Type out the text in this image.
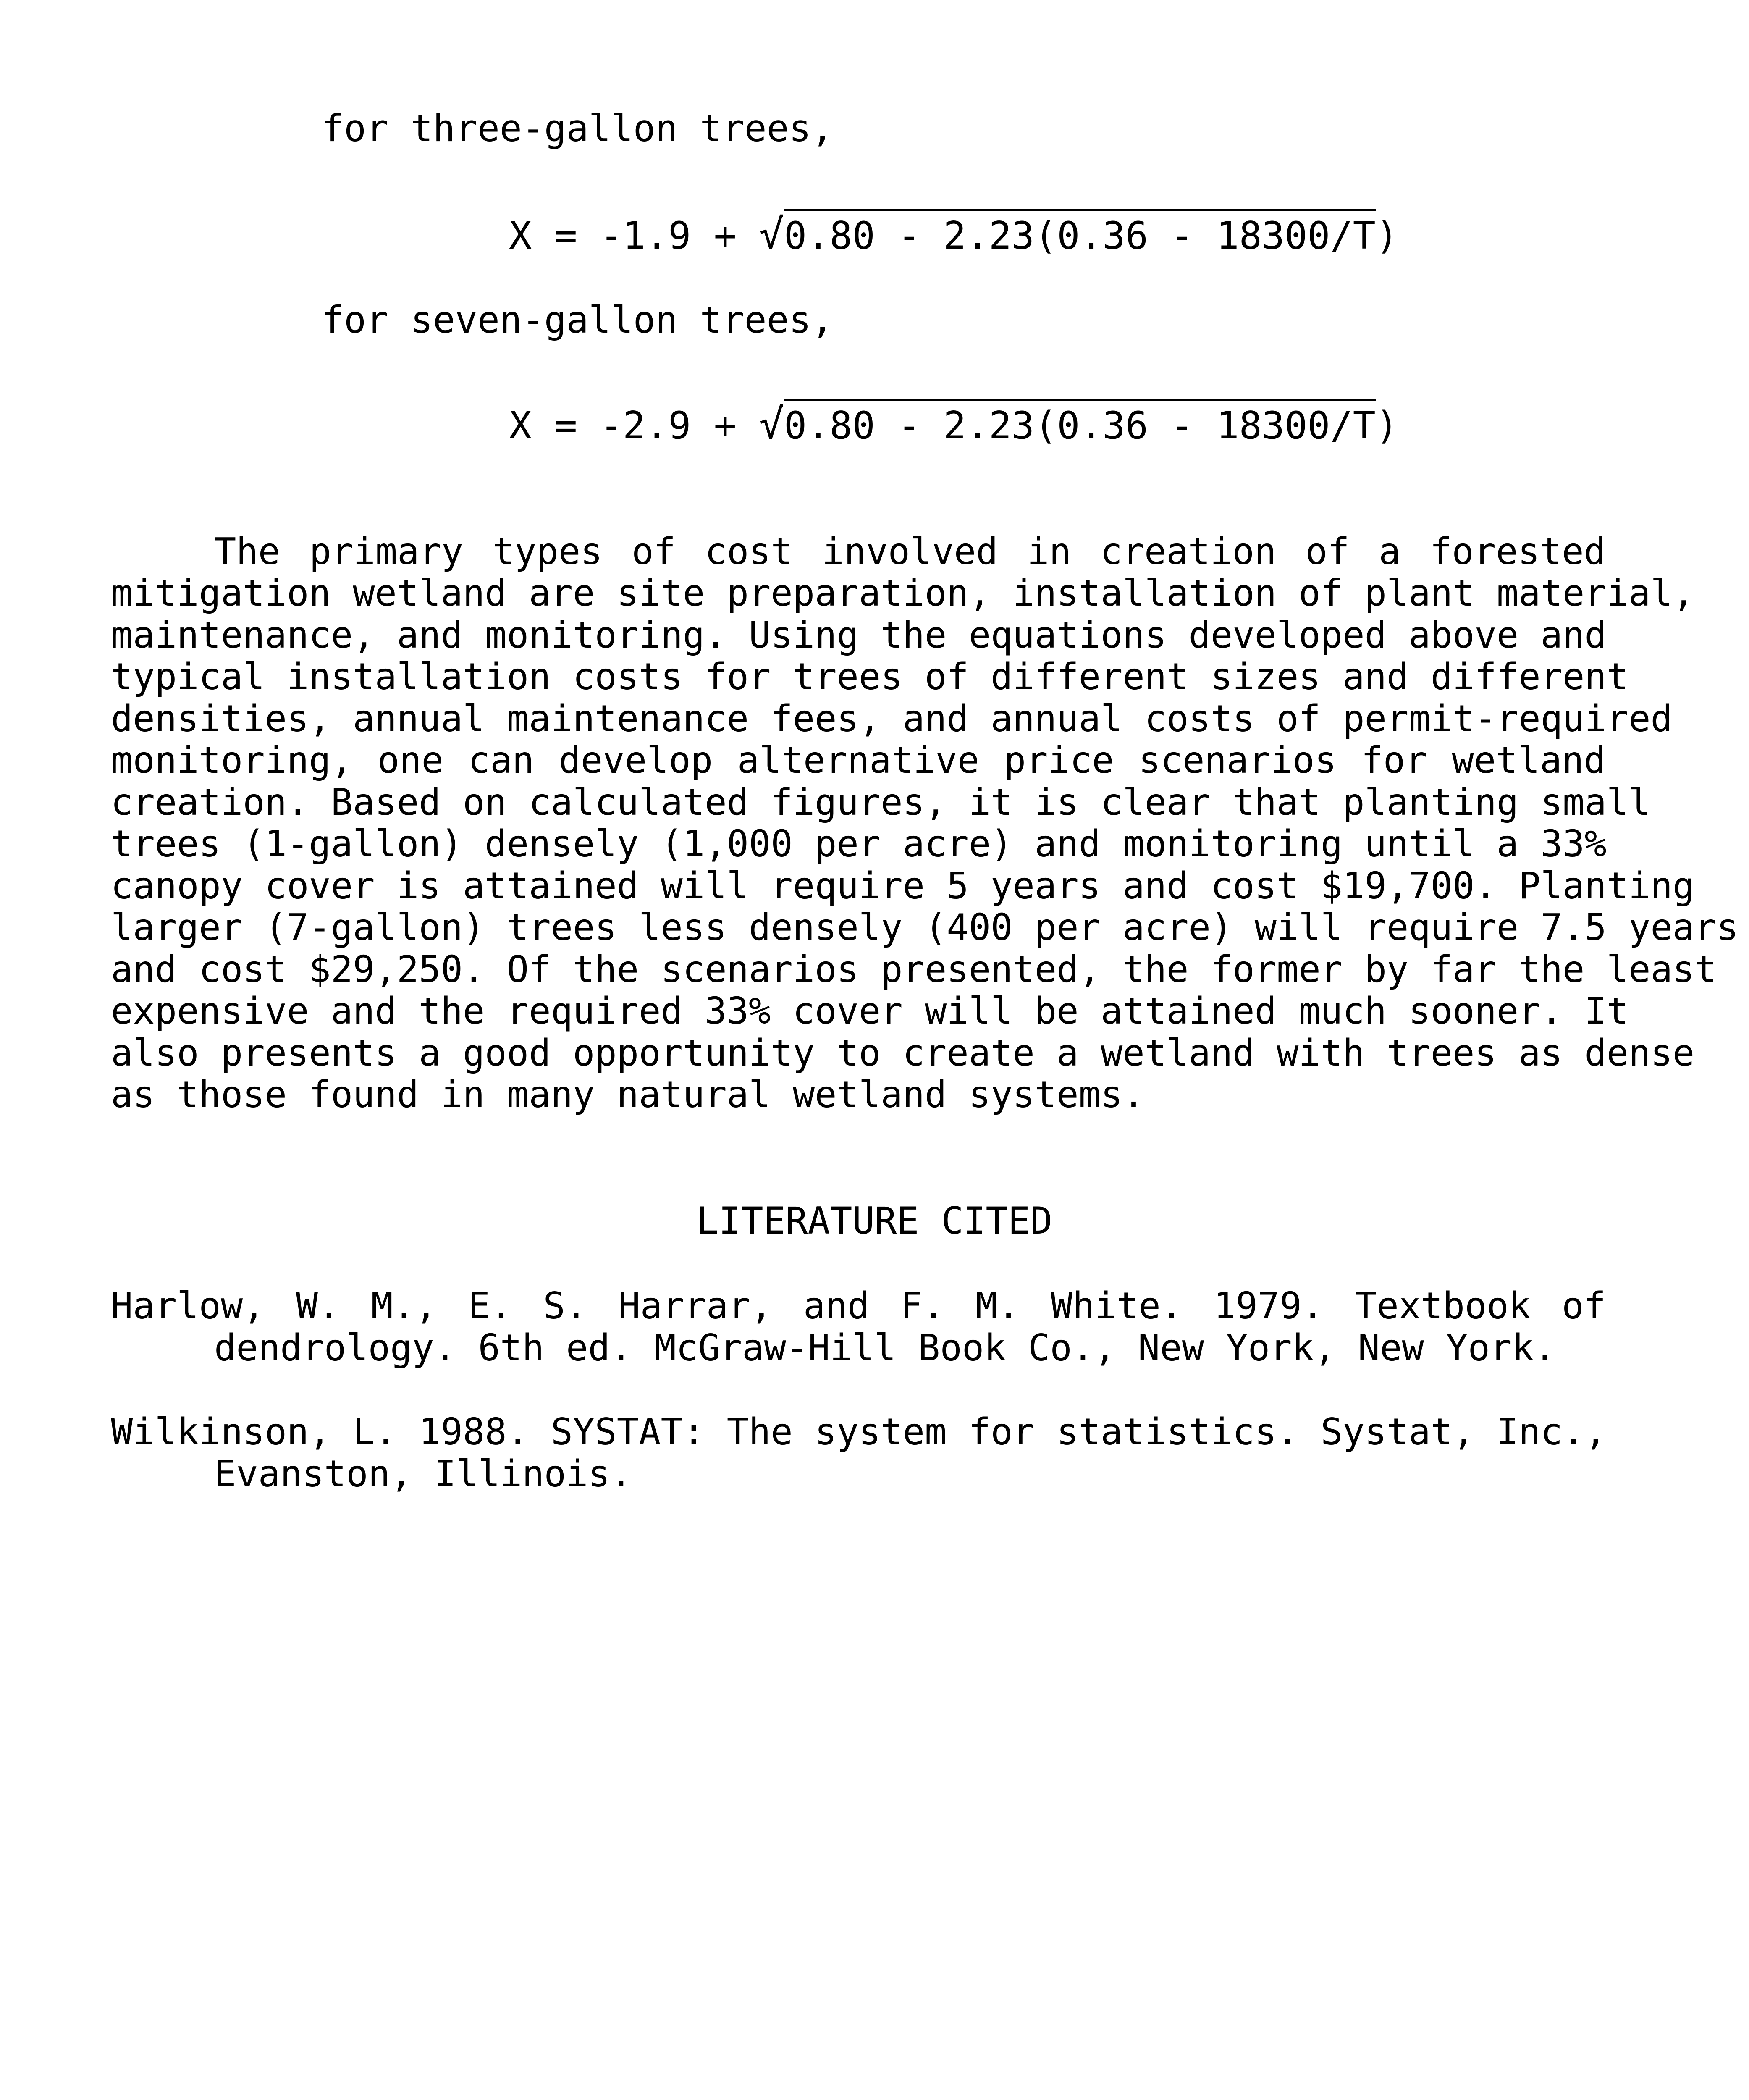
for three-gallon trees,
X = -1.9 + √0.80 - 2.23(0.36 - 18300/T)
for seven-gallon trees,
X = -2.9 + √0.80 - 2.23(0.36 - 18300/T)
The primary types of cost involved in creation of a forested
mitigation wetland are site preparation, installation of plant material,
maintenance, and monitoring. Using the equations developed above and
typical installation costs for trees of different sizes and different
densities, annual maintenance fees, and annual costs of permit-required
monitoring, one can develop alternative price scenarios for wetland
creation. Based on calculated figures, it is clear that planting small
trees (1-gallon) densely (1,000 per acre) and monitoring until a 33%
canopy cover is attained will require 5 years and cost $19,700. Planting
larger (7-gallon) trees less densely (400 per acre) will require 7.5 years
and cost $29,250. Of the scenarios presented, the former by far the least
expensive and the required 33% cover will be attained much sooner. It
also presents a good opportunity to create a wetland with trees as dense
as those found in many natural wetland systems.
LITERATURE CITED
Harlow, W. M., E. S. Harrar, and F. M. White. 1979. Textbook of
dendrology. 6th ed. McGraw-Hill Book Co., New York, New York.
Wilkinson, L. 1988. SYSTAT: The system for statistics. Systat, Inc.,
Evanston, Illinois.
